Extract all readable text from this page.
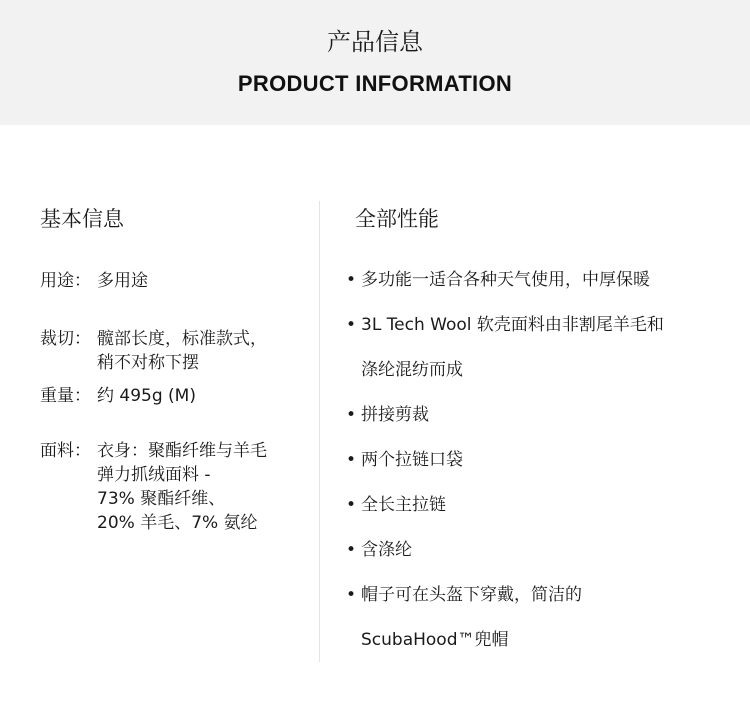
产品信息
PRODUCT INFORMATION
基本信息	全部性能
用途： 多用途
裁切： 髋部长度，标准款式，
稍不对称下摆
重量： 约 495g (M)
面料： 衣身：聚酯纤维与羊毛
弹力抓绒面料 -
73% 聚酯纤维、
20% 羊毛、7% 氨纶
• 多功能一适合各种天气使用，中厚保暖
• 3L Tech Wool 软壳面料由非割尾羊毛和
涤纶混纺而成
• 拼接剪裁
• 两个拉链口袋
• 全长主拉链
• 含涤纶
• 帽子可在头盔下穿戴，简洁的
ScubaHood™兜帽
